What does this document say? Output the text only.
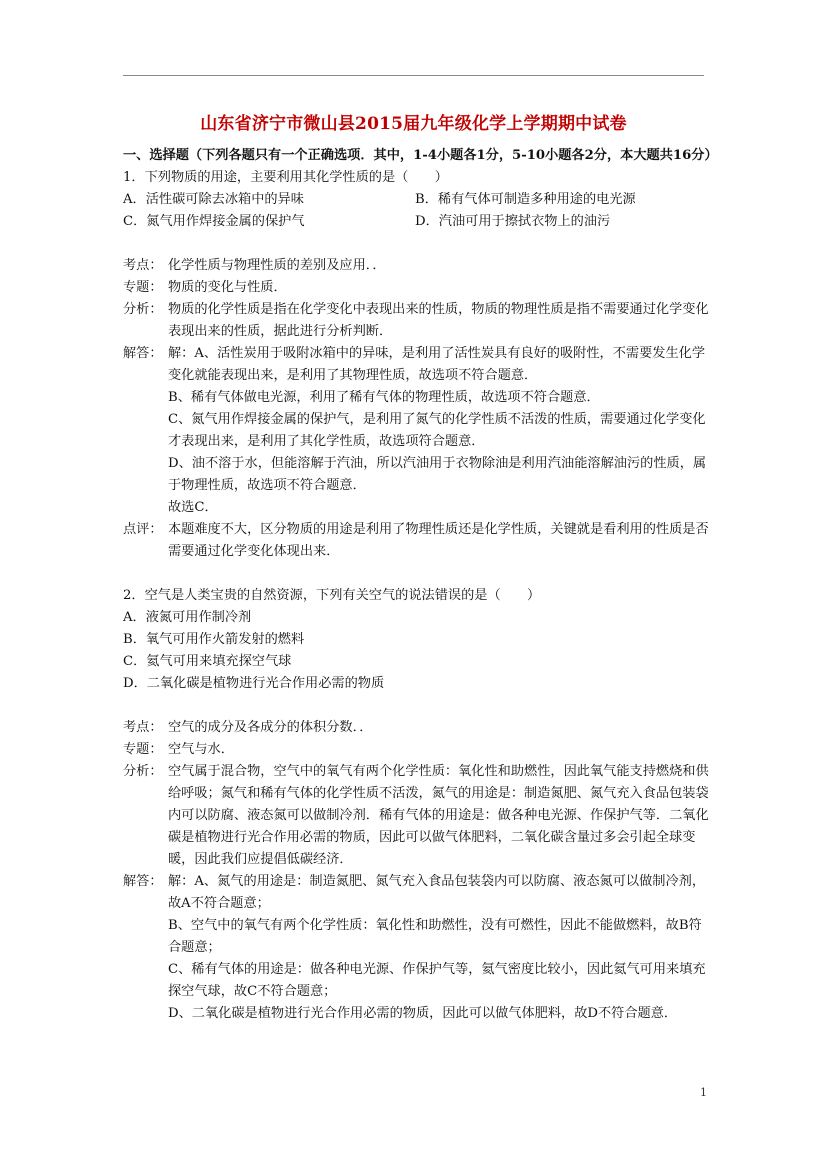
山东省济宁市微山县2015届九年级化学上学期期中试卷

一、选择题（下列各题只有一个正确选项．其中，1-4小题各1分，5-10小题各2分，本大题共16分）

1．下列物质的用途，主要利用其化学性质的是（　　）

A．活性碳可除去冰箱中的异味	B．稀有气体可制造多种用途的电光源
C．氮气用作焊接金属的保护气	D．汽油可用于擦拭衣物上的油污
考点： 化学性质与物理性质的差别及应用．．
专题： 物质的变化与性质．
分析： 物质的化学性质是指在化学变化中表现出来的性质，物质的物理性质是指不需要通过化学变化表现出来的性质，据此进行分析判断．
解答： 解：A、活性炭用于吸附冰箱中的异味，是利用了活性炭具有良好的吸附性，不需要发生化学变化就能表现出来，是利用了其物理性质，故选项不符合题意．
B、稀有气体做电光源，利用了稀有气体的物理性质，故选项不符合题意．
C、氮气用作焊接金属的保护气，是利用了氮气的化学性质不活泼的性质，需要通过化学变化才表现出来，是利用了其化学性质，故选项符合题意．
D、油不溶于水，但能溶解于汽油，所以汽油用于衣物除油是利用汽油能溶解油污的性质，属于物理性质，故选项不符合题意．
故选C．
点评： 本题难度不大，区分物质的用途是利用了物理性质还是化学性质，关键就是看利用的性质是否需要通过化学变化体现出来．

2．空气是人类宝贵的自然资源，下列有关空气的说法错误的是（　　）

A．液氮可用作制冷剂
B．氧气可用作火箭发射的燃料
C．氦气可用来填充探空气球
D．二氧化碳是植物进行光合作用必需的物质
考点： 空气的成分及各成分的体积分数．．
专题： 空气与水．
分析： 空气属于混合物，空气中的氧气有两个化学性质：氧化性和助燃性，因此氧气能支持燃烧和供给呼吸；氮气和稀有气体的化学性质不活泼，氮气的用途是：制造氮肥、氮气充入食品包装袋内可以防腐、液态氮可以做制冷剂．稀有气体的用途是：做各种电光源、作保护气等．二氧化碳是植物进行光合作用必需的物质，因此可以做气体肥料，二氧化碳含量过多会引起全球变暖，因此我们应提倡低碳经济．
解答： 解：A、氮气的用途是：制造氮肥、氮气充入食品包装袋内可以防腐、液态氮可以做制冷剂，故A不符合题意；
B、空气中的氧气有两个化学性质：氧化性和助燃性，没有可燃性，因此不能做燃料，故B符合题意；
C、稀有气体的用途是：做各种电光源、作保护气等，氦气密度比较小，因此氦气可用来填充探空气球，故C不符合题意；
D、二氧化碳是植物进行光合作用必需的物质，因此可以做气体肥料，故D不符合题意．
1
